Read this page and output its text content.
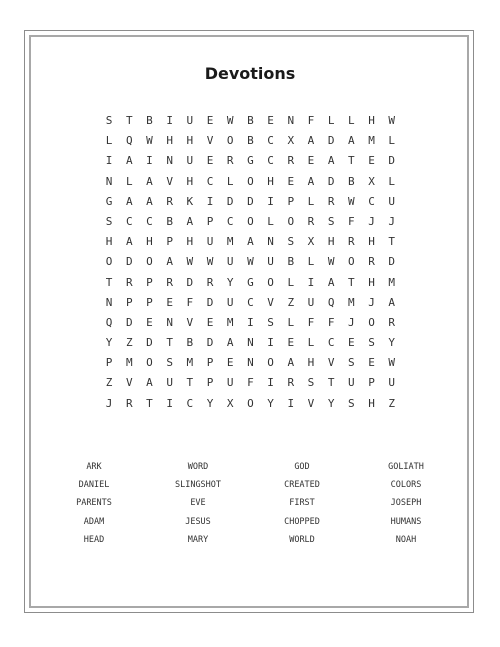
Devotions
S	T	B	I	U	E	W	B	E	N	F	L	L	H	W
L	Q	W	H	H	V	O	B	C	X	A	D	A	M	L
I	A	I	N	U	E	R	G	C	R	E	A	T	E	D
N	L	A	V	H	C	L	O	H	E	A	D	B	X	L
G	A	A	R	K	I	D	D	I	P	L	R	W	C	U
S	C	C	B	A	P	C	O	L	O	R	S	F	J	J
H	A	H	P	H	U	M	A	N	S	X	H	R	H	T
O	D	O	A	W	W	U	W	U	B	L	W	O	R	D
T	R	P	R	D	R	Y	G	O	L	I	A	T	H	M
N	P	P	E	F	D	U	C	V	Z	U	Q	M	J	A
Q	D	E	N	V	E	M	I	S	L	F	F	J	O	R
Y	Z	D	T	B	D	A	N	I	E	L	C	E	S	Y
P	M	O	S	M	P	E	N	O	A	H	V	S	E	W
Z	V	A	U	T	P	U	F	I	R	S	T	U	P	U
J	R	T	I	C	Y	X	O	Y	I	V	Y	S	H	Z
ARK	WORD	GOD	GOLIATH
DANIEL	SLINGSHOT	CREATED	COLORS
PARENTS	EVE	FIRST	JOSEPH
ADAM	JESUS	CHOPPED	HUMANS
HEAD	MARY	WORLD	NOAH
